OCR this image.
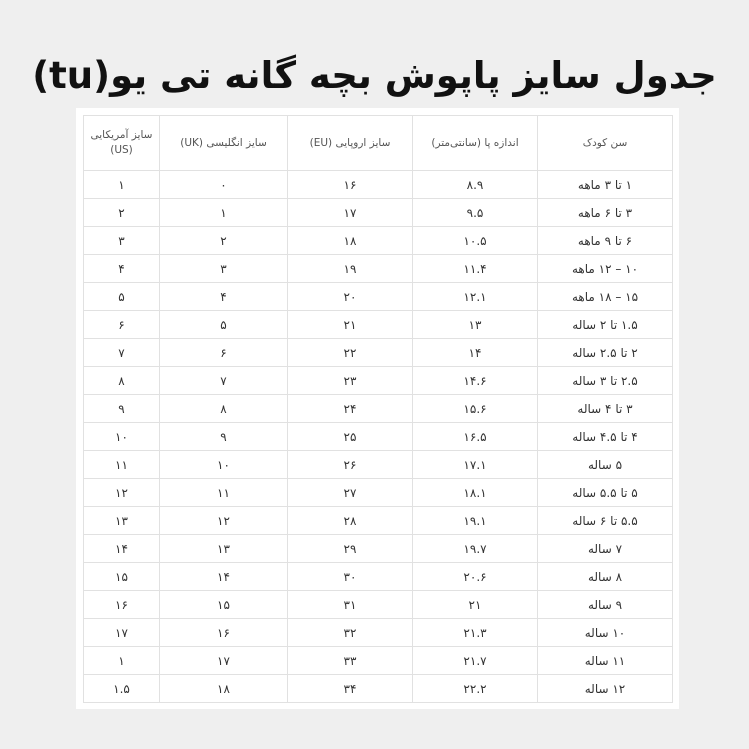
جدول سایز پاپوش بچه گانه تی یو(tu)
سن کودک	اندازه پا (سانتی‌متر)	سایز اروپایی (EU)	سایز انگلیسی (UK)	سایز آمریکایی (US)
۱ تا ۳ ماهه	۸.۹	۱۶	۰	۱
۳ تا ۶ ماهه	۹.۵	۱۷	۱	۲
۶ تا ۹ ماهه	۱۰.۵	۱۸	۲	۳
۱۰ – ۱۲ ماهه	۱۱.۴	۱۹	۳	۴
۱۵ – ۱۸ ماهه	۱۲.۱	۲۰	۴	۵
۱.۵ تا ۲ ساله	۱۳	۲۱	۵	۶
۲ تا ۲.۵ ساله	۱۴	۲۲	۶	۷
۲.۵ تا ۳ ساله	۱۴.۶	۲۳	۷	۸
۳ تا ۴ ساله	۱۵.۶	۲۴	۸	۹
۴ تا ۴.۵ ساله	۱۶.۵	۲۵	۹	۱۰
۵ ساله	۱۷.۱	۲۶	۱۰	۱۱
۵ تا ۵.۵ ساله	۱۸.۱	۲۷	۱۱	۱۲
۵.۵ تا ۶ ساله	۱۹.۱	۲۸	۱۲	۱۳
۷ ساله	۱۹.۷	۲۹	۱۳	۱۴
۸ ساله	۲۰.۶	۳۰	۱۴	۱۵
۹ ساله	۲۱	۳۱	۱۵	۱۶
۱۰ ساله	۲۱.۳	۳۲	۱۶	۱۷
۱۱ ساله	۲۱.۷	۳۳	۱۷	۱
۱۲ ساله	۲۲.۲	۳۴	۱۸	۱.۵
